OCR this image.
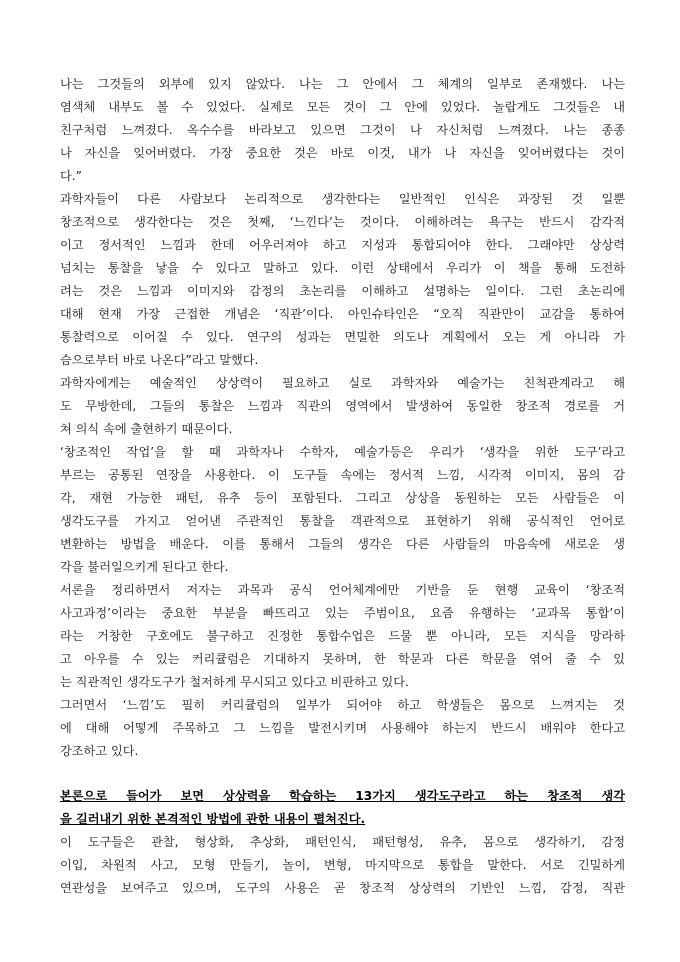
나는 그것들의 외부에 있지 않았다. 나는 그 안에서 그 체계의 일부로 존재했다. 나는
염색체 내부도 볼 수 있었다. 실제로 모든 것이 그 안에 있었다. 놀랍게도 그것들은 내
친구처럼 느껴졌다. 옥수수를 바라보고 있으면 그것이 나 자신처럼 느껴졌다. 나는 종종
나 자신을 잊어버렸다. 가장 중요한 것은 바로 이것, 내가 나 자신을 잊어버렸다는 것이
다.”
과학자들이 다른 사람보다 논리적으로 생각한다는 일반적인 인식은 과장된 것 일뿐
창조적으로 생각한다는 것은 첫째, ‘느낀다’는 것이다. 이해하려는 욕구는 반드시 감각적
이고 정서적인 느낌과 한데 어우러져야 하고 지성과 통합되어야 한다. 그래야만 상상력
넘치는 통찰을 낳을 수 있다고 말하고 있다. 이런 상태에서 우리가 이 책을 통해 도전하
려는 것은 느낌과 이미지와 감정의 초논리를 이해하고 설명하는 일이다. 그런 초논리에
대해 현재 가장 근접한 개념은 ‘직관’이다. 아인슈타인은 “오직 직관만이 교감을 통하여
통찰력으로 이어질 수 있다. 연구의 성과는 면밀한 의도나 계획에서 오는 게 아니라 가
슴으로부터 바로 나온다”라고 말했다.
과학자에게는 예술적인 상상력이 필요하고 실로 과학자와 예술가는 친척관계라고 해
도 무방한데, 그들의 통찰은 느낌과 직관의 영역에서 발생하여 동일한 창조적 경로를 거
쳐 의식 속에 출현하기 때문이다.
‘창조적인 작업’을 할 때 과학자나 수학자, 예술가등은 우리가 ‘생각을 위한 도구’라고
부르는 공통된 연장을 사용한다. 이 도구들 속에는 정서적 느낌, 시각적 이미지, 몸의 감
각, 재현 가능한 패턴, 유추 등이 포함된다. 그리고 상상을 동원하는 모든 사람들은 이
생각도구를 가지고 얻어낸 주관적인 통찰을 객관적으로 표현하기 위해 공식적인 언어로
변환하는 방법을 배운다. 이를 통해서 그들의 생각은 다른 사람들의 마음속에 새로운 생
각을 불러일으키게 된다고 한다.
서론을 정리하면서 저자는 과목과 공식 언어체계에만 기반을 둔 현행 교육이 ‘창조적
사고과정’이라는 중요한 부분을 빠뜨리고 있는 주범이요, 요즘 유행하는 ‘교과목 통합’이
라는 거창한 구호에도 불구하고 진정한 통합수업은 드물 뿐 아니라, 모든 지식을 망라하
고 아우를 수 있는 커리큘럼은 기대하지 못하며, 한 학문과 다른 학문을 엮어 줄 수 있
는 직관적인 생각도구가 철저하게 무시되고 있다고 비판하고 있다.
그러면서 ‘느낌’도 필히 커리큘럼의 일부가 되어야 하고 학생들은 몸으로 느껴지는 것
에 대해 어떻게 주목하고 그 느낌을 발전시키며 사용해야 하는지 반드시 배워야 한다고
강조하고 있다.
본론으로 들어가 보면 상상력을 학습하는 13가지 생각도구라고 하는 창조적 생각
을 길러내기 위한 본격적인 방법에 관한 내용이 펼쳐진다.
이 도구들은 관찰, 형상화, 추상화, 패턴인식, 패턴형성, 유추, 몸으로 생각하기, 감정
이입, 차원적 사고, 모형 만들기, 놀이, 변형, 마지막으로 통합을 말한다. 서로 긴밀하게
연관성을 보여주고 있으며, 도구의 사용은 곧 창조적 상상력의 기반인 느낌, 감정, 직관
